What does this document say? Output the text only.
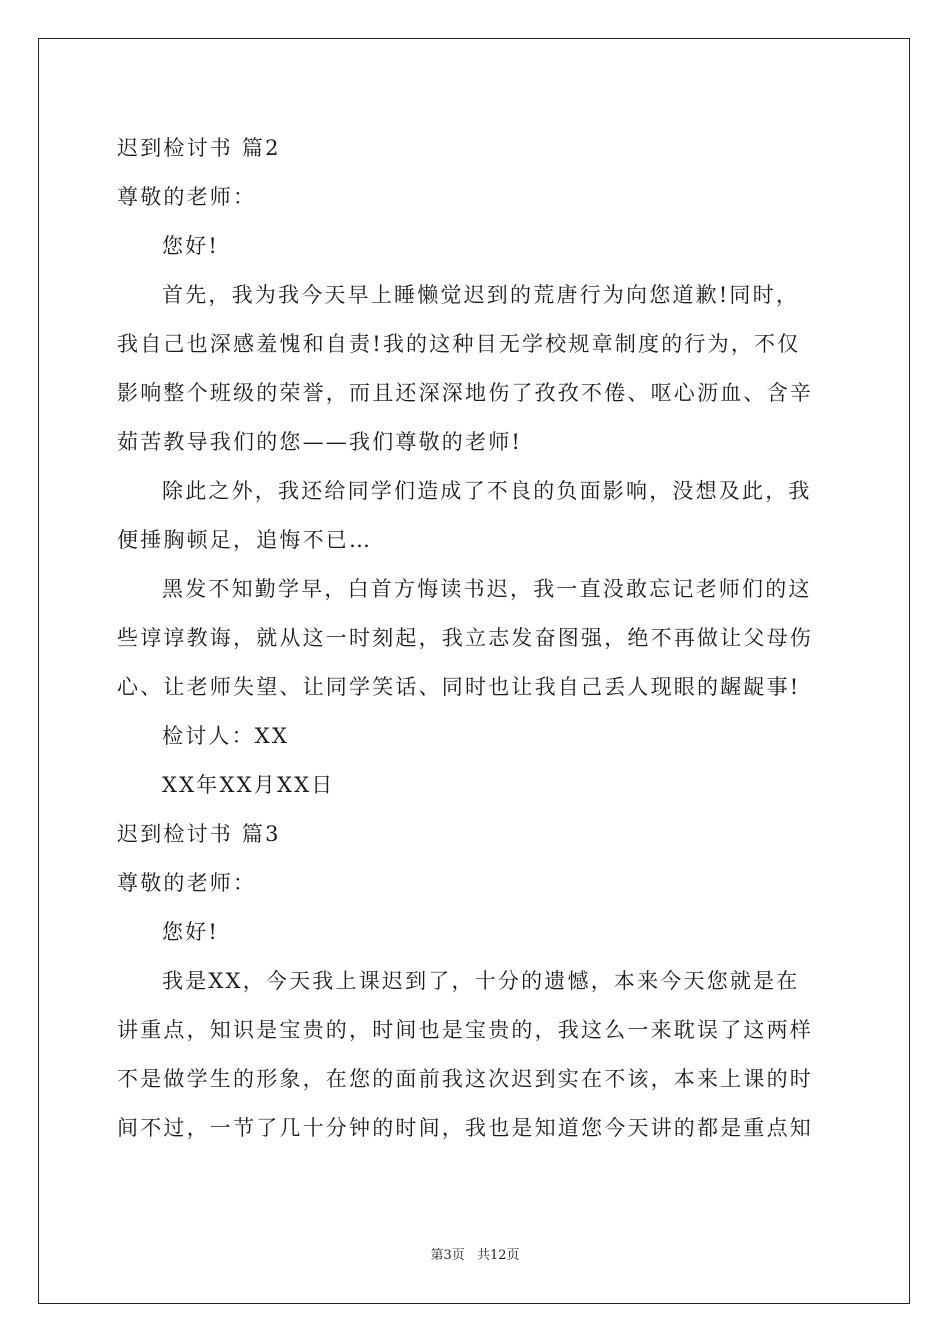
迟到检讨书 篇2
尊敬的老师：
您好!
首先，我为我今天早上睡懒觉迟到的荒唐行为向您道歉!同时，
我自己也深感羞愧和自责!我的这种目无学校规章制度的行为，不仅
影响整个班级的荣誉，而且还深深地伤了孜孜不倦、呕心沥血、含辛
茹苦教导我们的您——我们尊敬的老师!
除此之外，我还给同学们造成了不良的负面影响，没想及此，我
便捶胸顿足，追悔不已…
黑发不知勤学早，白首方悔读书迟，我一直没敢忘记老师们的这
些谆谆教诲，就从这一时刻起，我立志发奋图强，绝不再做让父母伤
心、让老师失望、让同学笑话、同时也让我自己丢人现眼的龌龊事!
检讨人：XX
XX年XX月XX日
迟到检讨书 篇3
尊敬的老师：
您好!
我是XX，今天我上课迟到了，十分的遗憾，本来今天您就是在
讲重点，知识是宝贵的，时间也是宝贵的，我这么一来耽误了这两样
不是做学生的形象，在您的面前我这次迟到实在不该，本来上课的时
间不过，一节了几十分钟的时间，我也是知道您今天讲的都是重点知
第3页 共12页
